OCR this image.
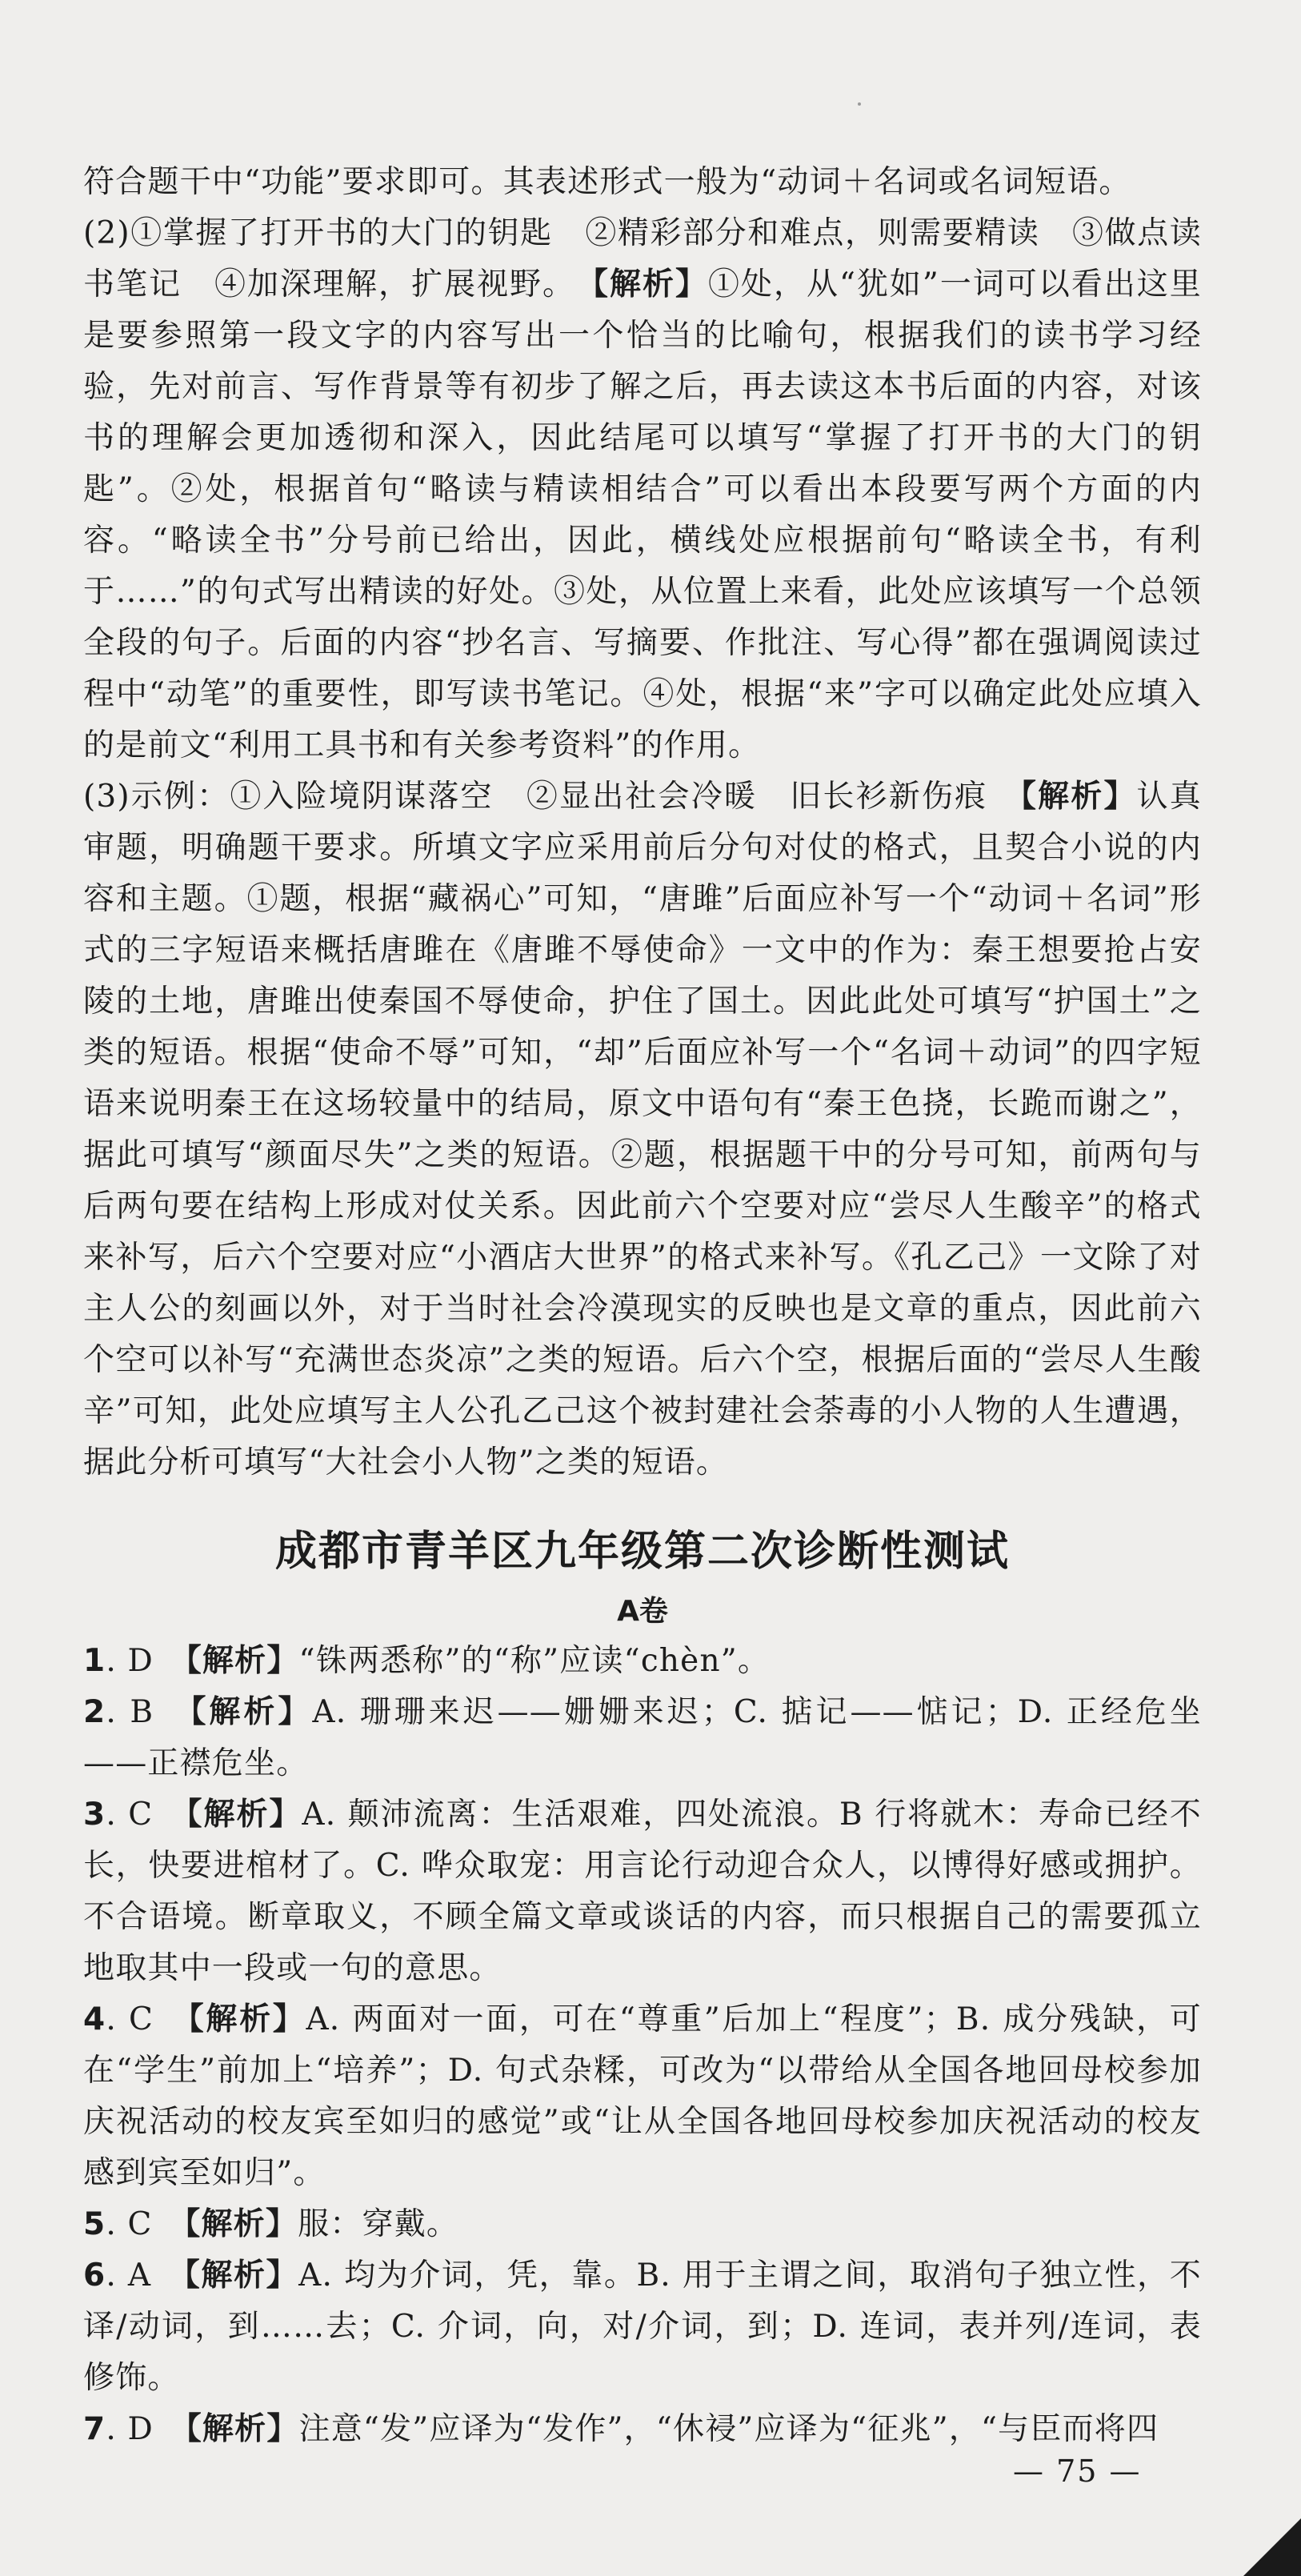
符合题干中“功能”要求即可。其表述形式一般为“动词＋名词或名词短语。

(2)①掌握了打开书的大门的钥匙　②精彩部分和难点，则需要精读　③做点读书笔记　④加深理解，扩展视野。　【解析】①处，从“犹如”一词可以看出这里是要参照第一段文字的内容写出一个恰当的比喻句，根据我们的读书学习经验，先对前言、写作背景等有初步了解之后，再去读这本书后面的内容，对该书的理解会更加透彻和深入，因此结尾可以填写“掌握了打开书的大门的钥匙”。②处，根据首句“略读与精读相结合”可以看出本段要写两个方面的内容。“略读全书”分号前已给出，因此，横线处应根据前句“略读全书，有利于……”的句式写出精读的好处。③处，从位置上来看，此处应该填写一个总领全段的句子。后面的内容“抄名言、写摘要、作批注、写心得”都在强调阅读过程中“动笔”的重要性，即写读书笔记。④处，根据“来”字可以确定此处应填入的是前文“利用工具书和有关参考资料”的作用。

(3)示例：①入险境阴谋落空　②显出社会冷暖　旧长衫新伤痕　【解析】认真审题，明确题干要求。所填文字应采用前后分句对仗的格式，且契合小说的内容和主题。①题，根据“藏祸心”可知，“唐雎”后面应补写一个“动词＋名词”形式的三字短语来概括唐雎在《唐雎不辱使命》一文中的作为：秦王想要抢占安陵的土地，唐雎出使秦国不辱使命，护住了国土。因此此处可填写“护国土”之类的短语。根据“使命不辱”可知，“却”后面应补写一个“名词＋动词”的四字短语来说明秦王在这场较量中的结局，原文中语句有“秦王色挠，长跪而谢之”，据此可填写“颜面尽失”之类的短语。②题，根据题干中的分号可知，前两句与后两句要在结构上形成对仗关系。因此前六个空要对应“尝尽人生酸辛”的格式来补写，后六个空要对应“小酒店大世界”的格式来补写。《孔乙己》一文除了对主人公的刻画以外，对于当时社会冷漠现实的反映也是文章的重点，因此前六个空可以补写“充满世态炎凉”之类的短语。后六个空，根据后面的“尝尽人生酸辛”可知，此处应填写主人公孔乙己这个被封建社会荼毒的小人物的人生遭遇，据此分析可填写“大社会小人物”之类的短语。

成都市青羊区九年级第二次诊断性测试
A卷

1. D　【解析】“铢两悉称”的“称”应读“chèn”。

2. B　【解析】A. 珊珊来迟——姗姗来迟；C. 掂记——惦记；D. 正经危坐——正襟危坐。

3. C　【解析】A. 颠沛流离：生活艰难，四处流浪。B 行将就木：寿命已经不长，快要进棺材了。C. 哗众取宠：用言论行动迎合众人，以博得好感或拥护。不合语境。断章取义，不顾全篇文章或谈话的内容，而只根据自己的需要孤立地取其中一段或一句的意思。

4. C　【解析】A. 两面对一面，可在“尊重”后加上“程度”；B. 成分残缺，可在“学生”前加上“培养”；D. 句式杂糅，可改为“以带给从全国各地回母校参加庆祝活动的校友宾至如归的感觉”或“让从全国各地回母校参加庆祝活动的校友感到宾至如归”。

5. C　【解析】服：穿戴。

6. A　【解析】A. 均为介词，凭，靠。B. 用于主谓之间，取消句子独立性，不译/动词，到……去；C. 介词，向，对/介词，到；D. 连词，表并列/连词，表修饰。

7. D　【解析】注意“发”应译为“发作”，“休祲”应译为“征兆”，“与臣而将四

— 75 —
